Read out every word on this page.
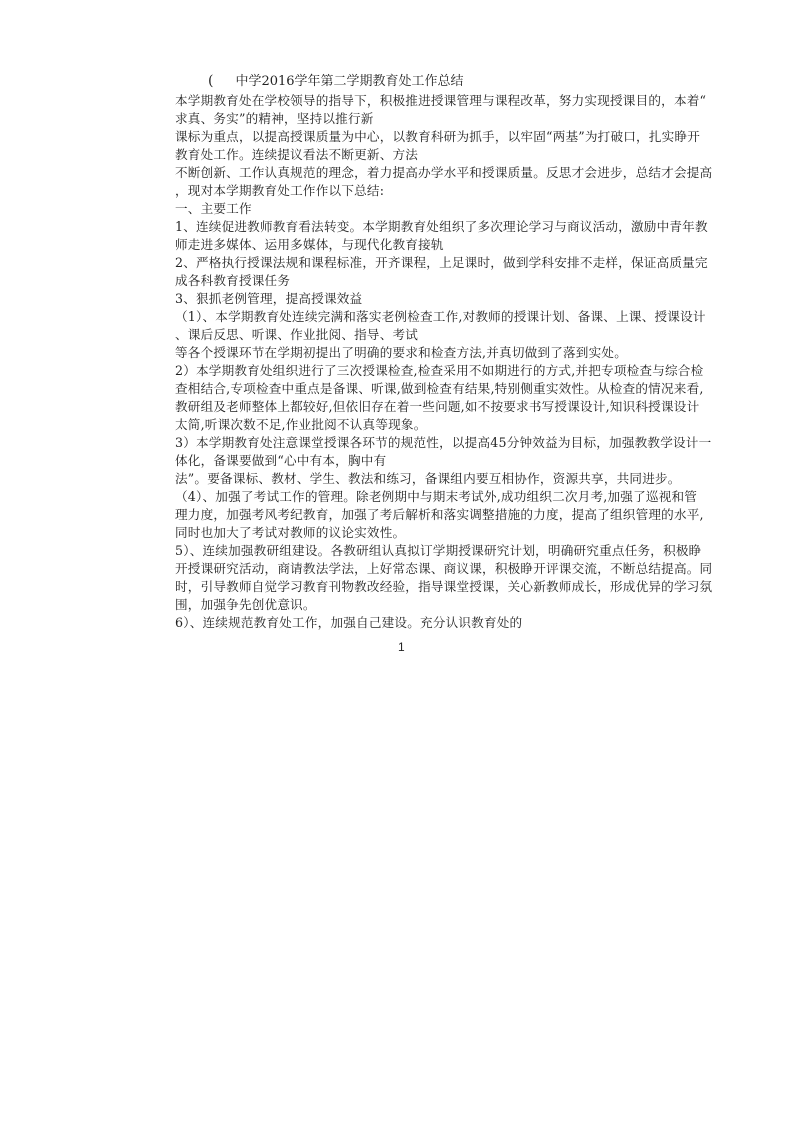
( 中学2016学年第二学期教育处工作总结
本学期教育处在学校领导的指导下，积极推进授课管理与课程改革，努力实现授课目的，本着“
求真、务实”的精神，坚持以推行新
课标为重点，以提高授课质量为中心，以教育科研为抓手，以牢固“两基”为打破口，扎实睁开
教育处工作。连续提议看法不断更新、方法
不断创新、工作认真规范的理念，着力提高办学水平和授课质量。反思才会进步，总结才会提高
，现对本学期教育处工作作以下总结:
一、主要工作
1、连续促进教师教育看法转变。本学期教育处组织了多次理论学习与商议活动，激励中青年教
师走进多媒体、运用多媒体，与现代化教育接轨
2、严格执行授课法规和课程标准，开齐课程，上足课时，做到学科安排不走样，保证高质量完
成各科教育授课任务
3、狠抓老例管理，提高授课效益
（1）、本学期教育处连续完满和落实老例检查工作,对教师的授课计划、备课、上课、授课设计
、课后反思、听课、作业批阅、指导、考试
等各个授课环节在学期初提出了明确的要求和检查方法,并真切做到了落到实处。
2）本学期教育处组织进行了三次授课检查,检查采用不如期进行的方式,并把专项检查与综合检
查相结合,专项检查中重点是备课、听课,做到检查有结果,特别侧重实效性。从检查的情况来看,
教研组及老师整体上都较好,但依旧存在着一些问题,如不按要求书写授课设计,知识科授课设计
太简,听课次数不足,作业批阅不认真等现象。
3）本学期教育处注意课堂授课各环节的规范性，以提高45分钟效益为目标，加强教教学设计一
体化，备课要做到“心中有本，胸中有
法”。要备课标、教材、学生、教法和练习，备课组内要互相协作，资源共享，共同进步。
（4）、加强了考试工作的管理。除老例期中与期末考试外,成功组织二次月考,加强了巡视和管
理力度，加强考风考纪教育，加强了考后解析和落实调整措施的力度，提高了组织管理的水平,
同时也加大了考试对教师的议论实效性。
5）、连续加强教研组建设。各教研组认真拟订学期授课研究计划，明确研究重点任务，积极睁
开授课研究活动，商请教法学法，上好常态课、商议课，积极睁开评课交流，不断总结提高。同
时，引导教师自觉学习教育刊物教改经验，指导课堂授课，关心新教师成长，形成优异的学习氛
围，加强争先创优意识。
6）、连续规范教育处工作，加强自己建设。充分认识教育处的
1
